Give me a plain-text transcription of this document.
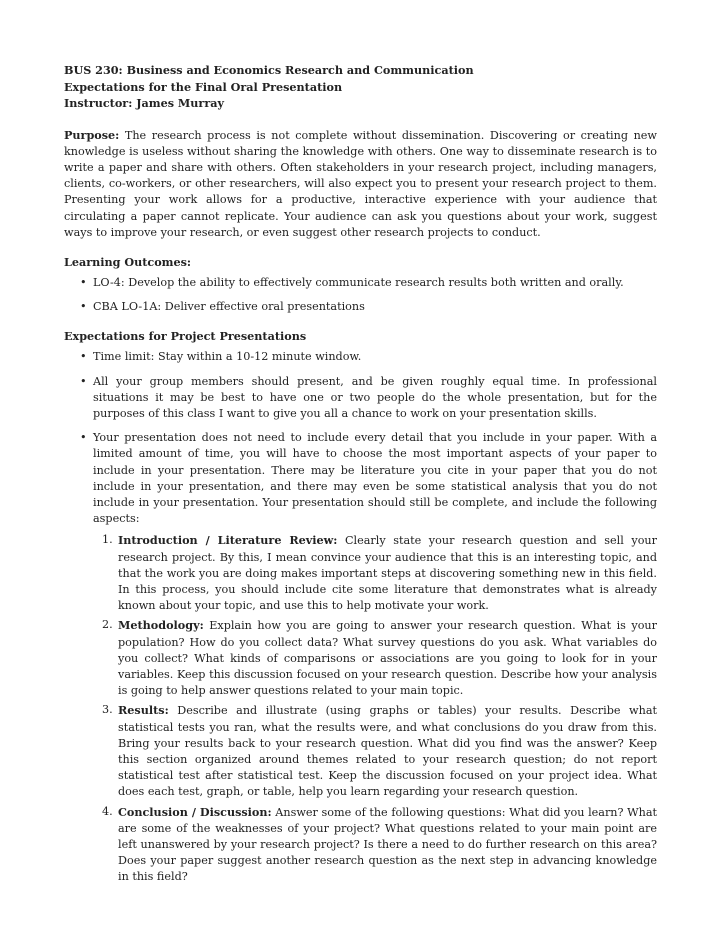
BUS 230: Business and Economics Research and Communication

Expectations for the Final Oral Presentation

Instructor: James Murray

Purpose: The research process is not complete without dissemination. Discovering or creating new knowledge is useless without sharing the knowledge with others. One way to disseminate research is to write a paper and share with others. Often stakeholders in your research project, including managers, clients, co-workers, or other researchers, will also expect you to present your research project to them. Presenting your work allows for a productive, interactive experience with your audience that circulating a paper cannot replicate. Your audience can ask you questions about your work, suggest ways to improve your research, or even suggest other research projects to conduct.

Learning Outcomes:

• LO-4: Develop the ability to effectively communicate research results both written and orally.
• CBA LO-1A: Deliver effective oral presentations

Expectations for Project Presentations

• Time limit: Stay within a 10-12 minute window.
• All your group members should present, and be given roughly equal time. In professional situations it may be best to have one or two people do the whole presentation, but for the purposes of this class I want to give you all a chance to work on your presentation skills.
• Your presentation does not need to include every detail that you include in your paper. With a limited amount of time, you will have to choose the most important aspects of your paper to include in your presentation. There may be literature you cite in your paper that you do not include in your presentation, and there may even be some statistical analysis that you do not include in your presentation. Your presentation should still be complete, and include the following aspects:
1. Introduction / Literature Review: Clearly state your research question and sell your research project. By this, I mean convince your audience that this is an interesting topic, and that the work you are doing makes important steps at discovering something new in this field. In this process, you should include cite some literature that demonstrates what is already known about your topic, and use this to help motivate your work.
2. Methodology: Explain how you are going to answer your research question. What is your population? How do you collect data? What survey questions do you ask. What variables do you collect? What kinds of comparisons or associations are you going to look for in your variables. Keep this discussion focused on your research question. Describe how your analysis is going to help answer questions related to your main topic.
3. Results: Describe and illustrate (using graphs or tables) your results. Describe what statistical tests you ran, what the results were, and what conclusions do you draw from this. Bring your results back to your research question. What did you find was the answer? Keep this section organized around themes related to your research question; do not report statistical test after statistical test. Keep the discussion focused on your project idea. What does each test, graph, or table, help you learn regarding your research question.
4. Conclusion / Discussion: Answer some of the following questions: What did you learn? What are some of the weaknesses of your project? What questions related to your main point are left unanswered by your research project? Is there a need to do further research on this area? Does your paper suggest another research question as the next step in advancing knowledge in this field?
